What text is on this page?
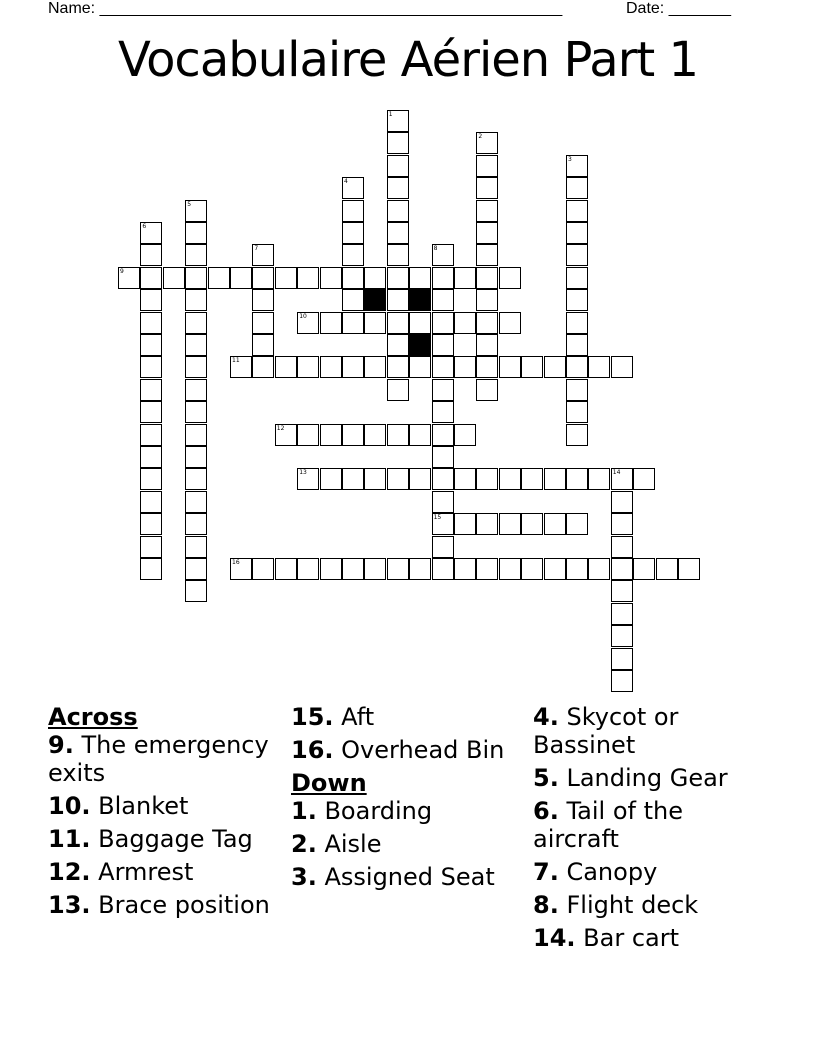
Name: ____________________________________________________	Date: _______
Vocabulaire Aérien Part 1
1
2
3
4
5
6
7	8
15
9
10
11
12
13	14
16
Across
9. The emergency exits
10. Blanket
11. Baggage Tag
12. Armrest
13. Brace position
15. Aft
16. Overhead Bin
Down
1. Boarding
2. Aisle
3. Assigned Seat
4. Skycot or Bassinet
5. Landing Gear
6. Tail of the aircraft
7. Canopy
8. Flight deck
14. Bar cart
